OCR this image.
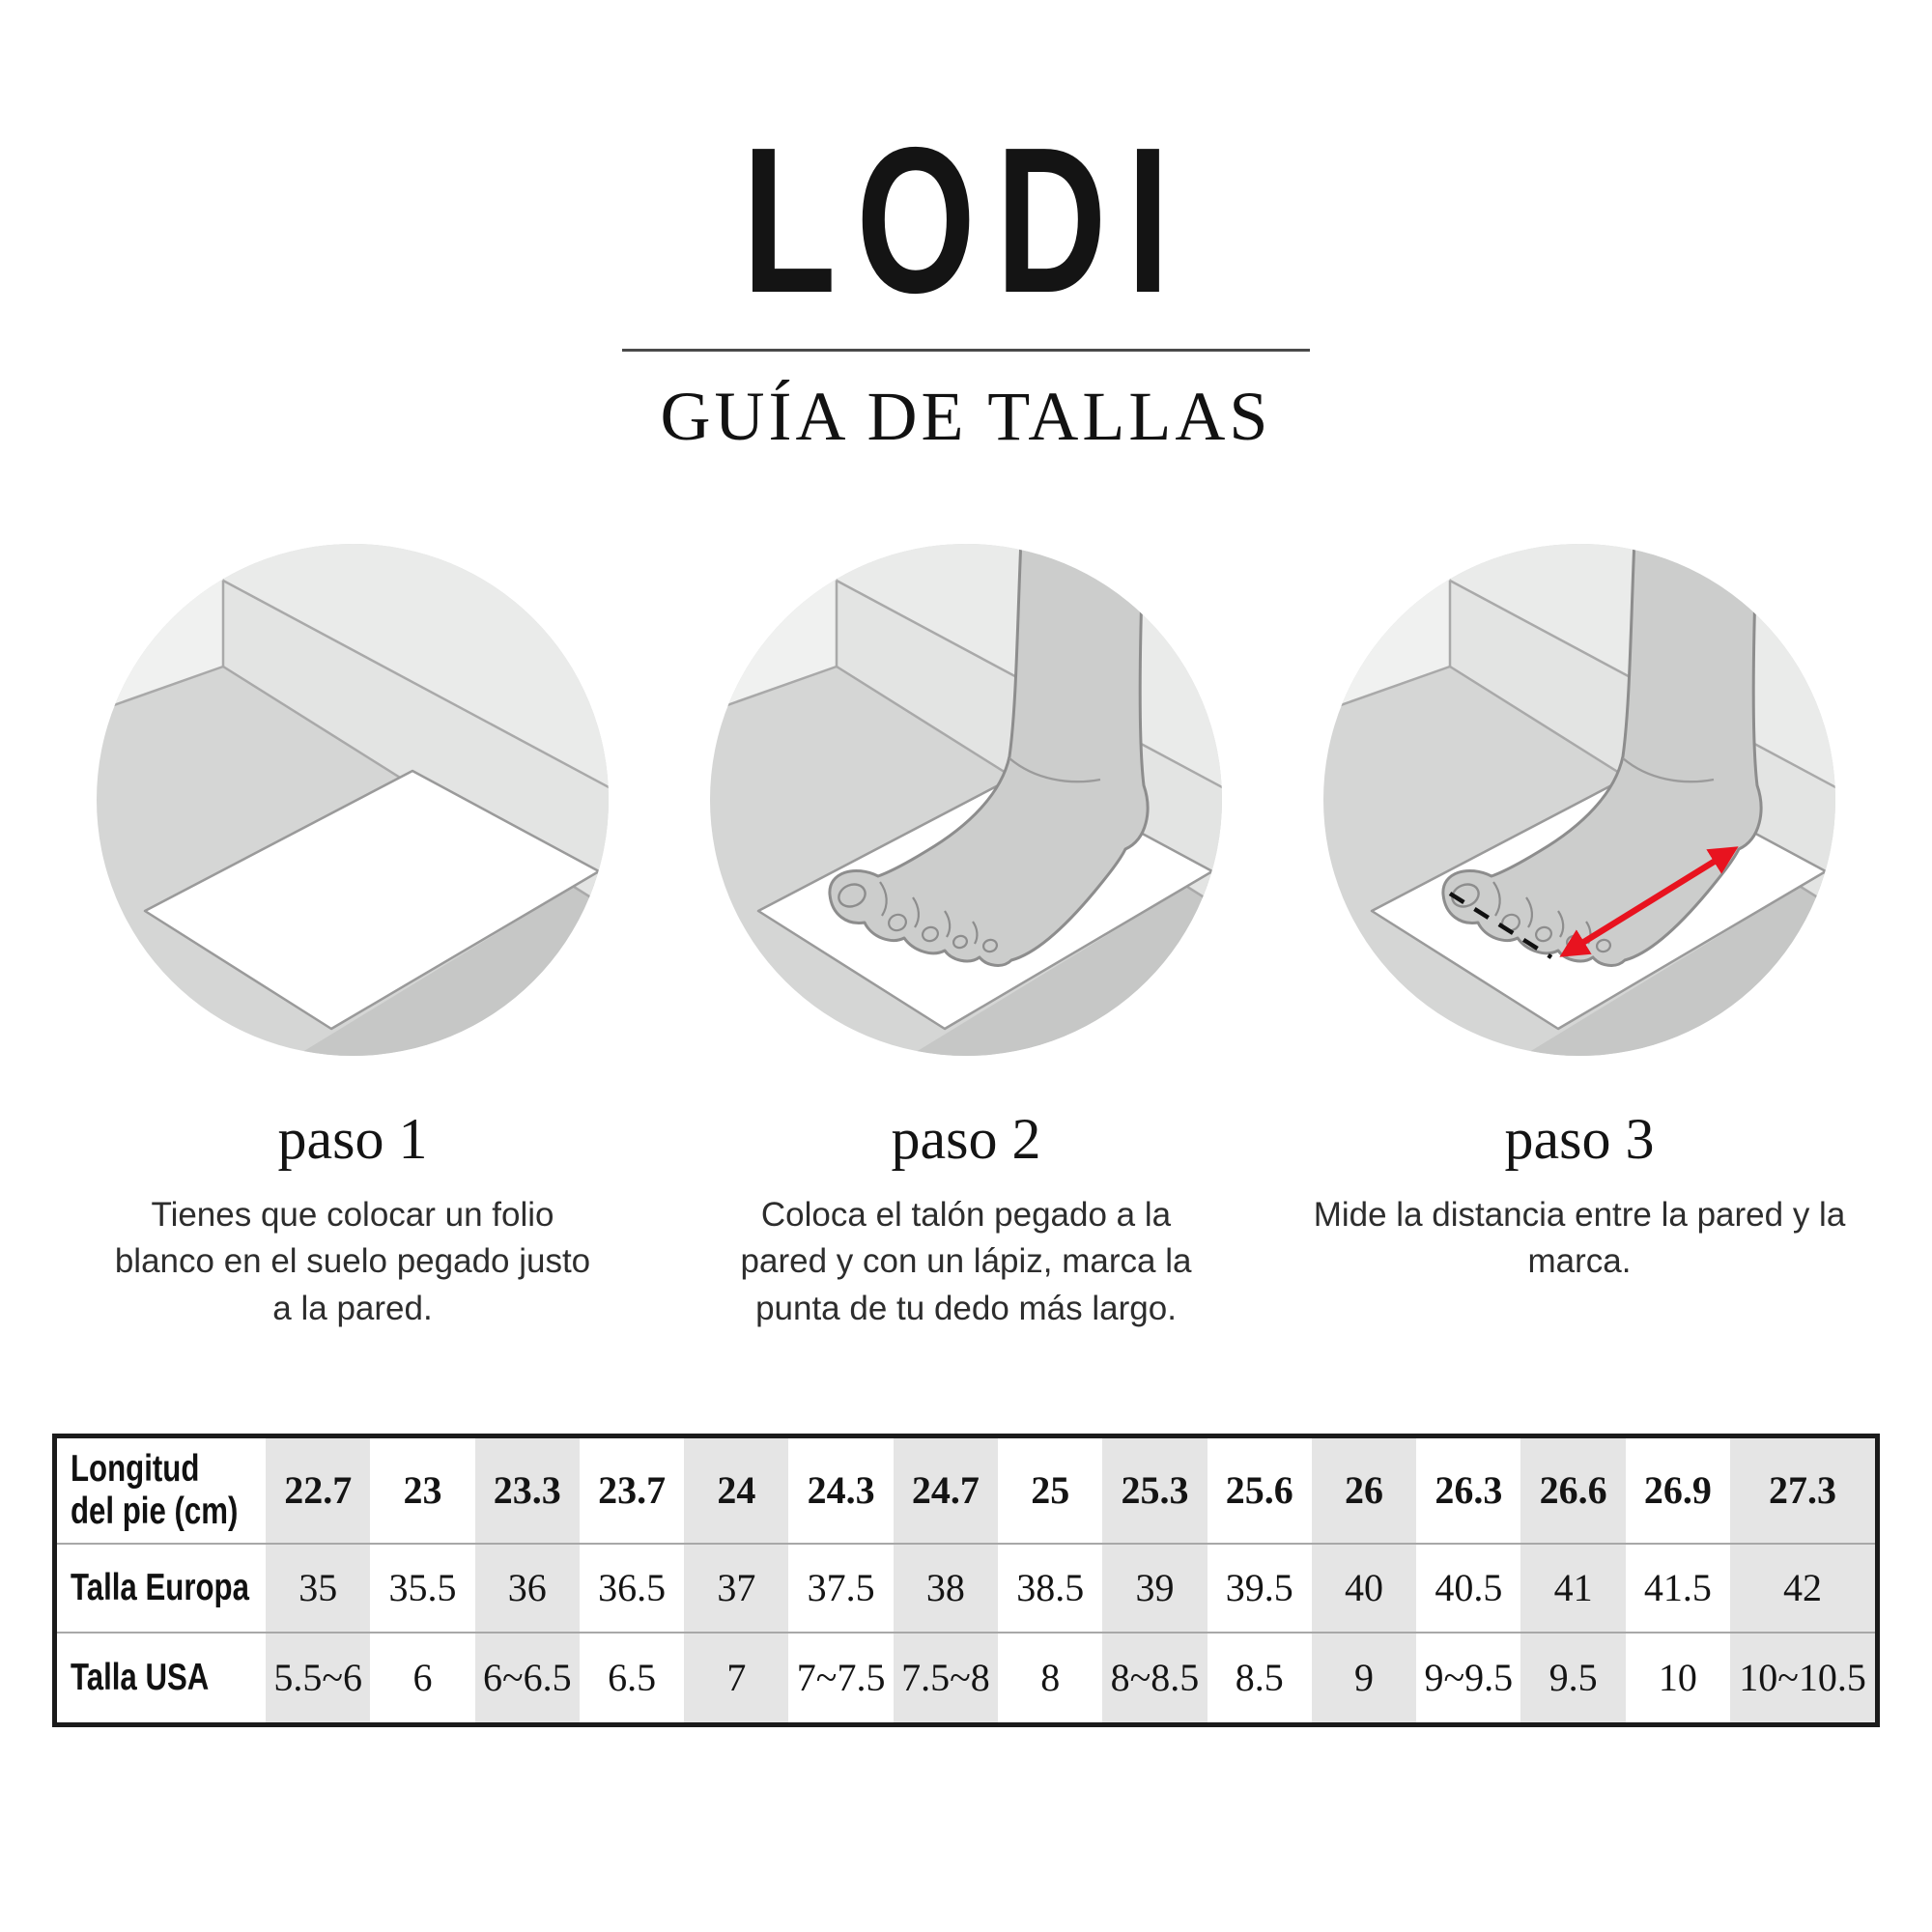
LODI
GUÍA DE TALLAS
paso 1

Tienes que colocar un folio blanco en el suelo pegado justo a la pared.

paso 2

Coloca el talón pegado a la pared y con un lápiz, marca la punta de tu dedo más largo.

paso 3

Mide la distancia entre la pared y la marca.

Longitud
del pie (cm)	22.7	23	23.3	23.7	24	24.3	24.7	25	25.3	25.6	26	26.3	26.6	26.9	27.3

Talla Europa	35	35.5	36	36.5	37	37.5	38	38.5	39	39.5	40	40.5	41	41.5	42

Talla USA	5.5~6	6	6~6.5	6.5	7	7~7.5	7.5~8	8	8~8.5	8.5	9	9~9.5	9.5	10	10~10.5
